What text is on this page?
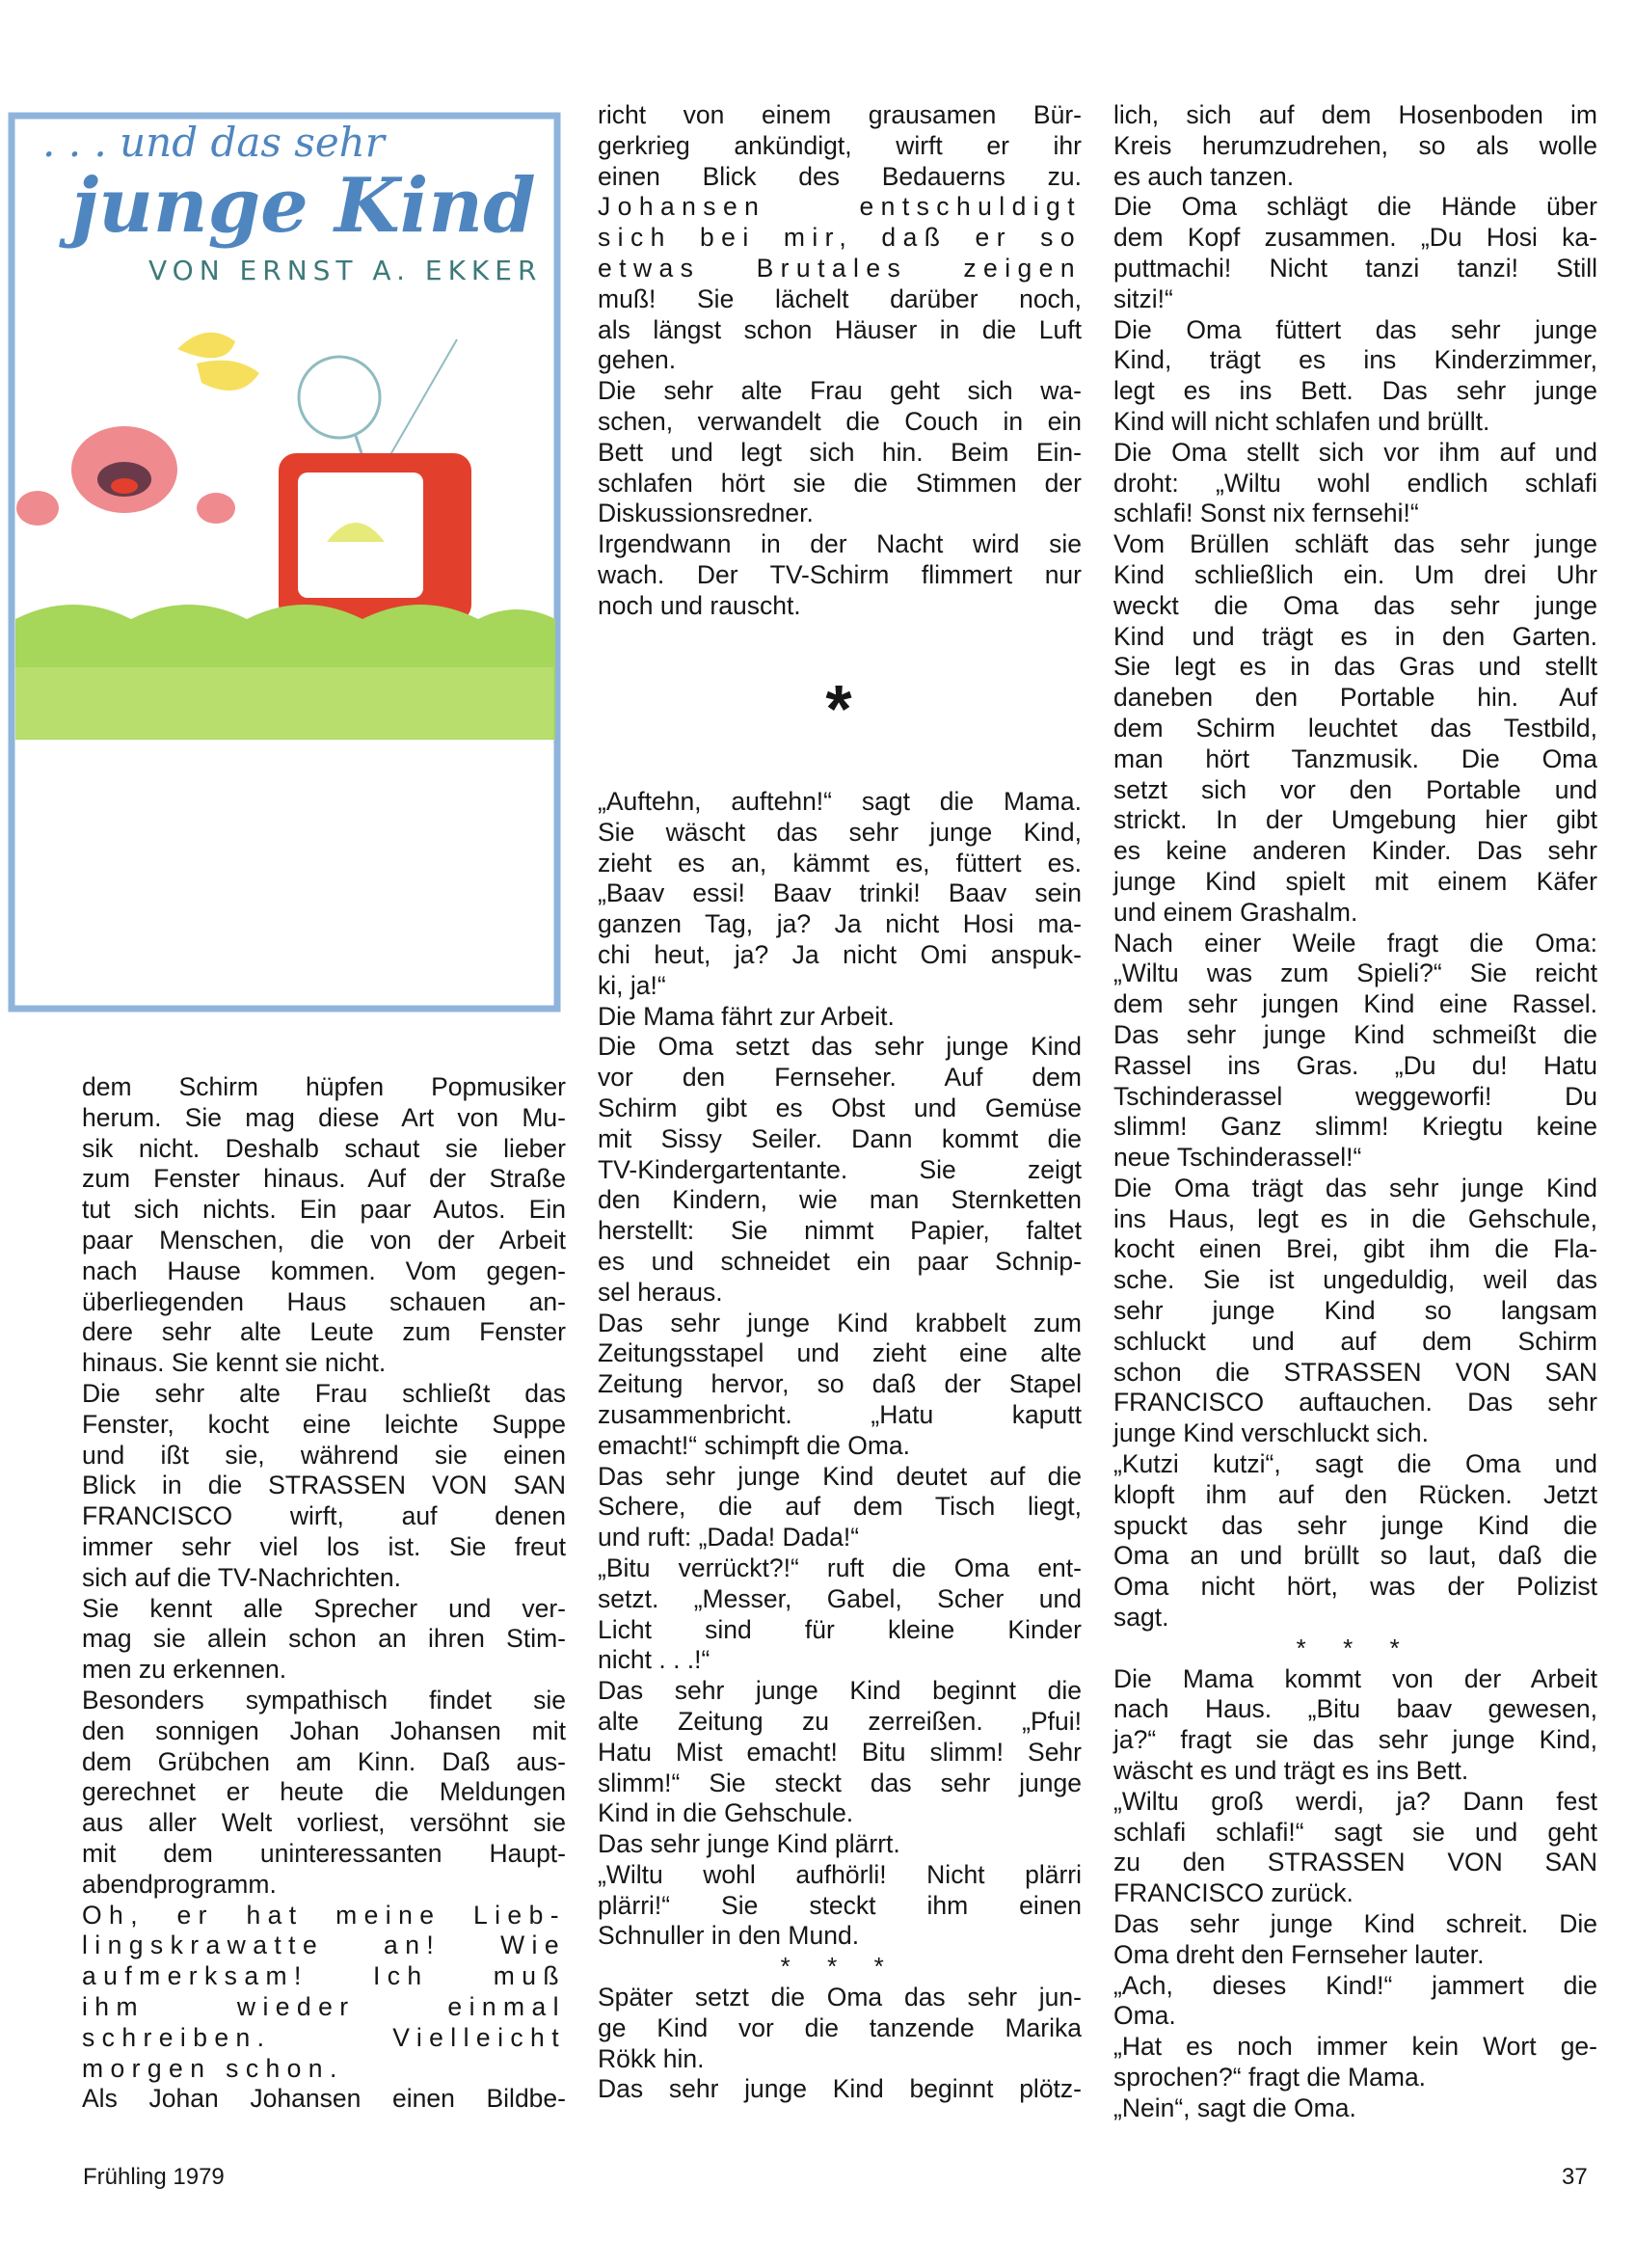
. . . und das sehr
junge Kind
VON ERNST A. EKKER
dem Schirm hüpfen Popmusiker
herum. Sie mag diese Art von Mu-
sik nicht. Deshalb schaut sie lieber
zum Fenster hinaus. Auf der Straße
tut sich nichts. Ein paar Autos. Ein
paar Menschen, die von der Arbeit
nach Hause kommen. Vom gegen-
überliegenden Haus schauen an-
dere sehr alte Leute zum Fenster
hinaus. Sie kennt sie nicht.
Die sehr alte Frau schließt das
Fenster, kocht eine leichte Suppe
und ißt sie, während sie einen
Blick in die STRASSEN VON SAN
FRANCISCO wirft, auf denen
immer sehr viel los ist. Sie freut
sich auf die TV-Nachrichten.
Sie kennt alle Sprecher und ver-
mag sie allein schon an ihren Stim-
men zu erkennen.
Besonders sympathisch findet sie
den sonnigen Johan Johansen mit
dem Grübchen am Kinn. Daß aus-
gerechnet er heute die Meldungen
aus aller Welt vorliest, versöhnt sie
mit dem uninteressanten Haupt-
abendprogramm.
Oh, er hat meine Lieb-
lingskrawatte an! Wie
aufmerksam! Ich muß
ihm wieder einmal
schreiben. Vielleicht
morgen schon.
Als Johan Johansen einen Bildbe-
richt von einem grausamen Bür-
gerkrieg ankündigt, wirft er ihr
einen Blick des Bedauerns zu.
Johansen entschuldigt
sich bei mir, daß er so
etwas Brutales zeigen
muß! Sie lächelt darüber noch,
als längst schon Häuser in die Luft
gehen.
Die sehr alte Frau geht sich wa-
schen, verwandelt die Couch in ein
Bett und legt sich hin. Beim Ein-
schlafen hört sie die Stimmen der
Diskussionsredner.
Irgendwann in der Nacht wird sie
wach. Der TV-Schirm flimmert nur
noch und rauscht.
*
„Auftehn, auftehn!“ sagt die Mama.
Sie wäscht das sehr junge Kind,
zieht es an, kämmt es, füttert es.
„Baav essi! Baav trinki! Baav sein
ganzen Tag, ja? Ja nicht Hosi ma-
chi heut, ja? Ja nicht Omi anspuk-
ki, ja!“
Die Mama fährt zur Arbeit.
Die Oma setzt das sehr junge Kind
vor den Fernseher. Auf dem
Schirm gibt es Obst und Gemüse
mit Sissy Seiler. Dann kommt die
TV-Kindergartentante. Sie zeigt
den Kindern, wie man Sternketten
herstellt: Sie nimmt Papier, faltet
es und schneidet ein paar Schnip-
sel heraus.
Das sehr junge Kind krabbelt zum
Zeitungsstapel und zieht eine alte
Zeitung hervor, so daß der Stapel
zusammenbricht. „Hatu kaputt
emacht!“ schimpft die Oma.
Das sehr junge Kind deutet auf die
Schere, die auf dem Tisch liegt,
und ruft: „Dada! Dada!“
„Bitu verrückt?!“ ruft die Oma ent-
setzt. „Messer, Gabel, Scher und
Licht sind für kleine Kinder
nicht . . .!“
Das sehr junge Kind beginnt die
alte Zeitung zu zerreißen. „Pfui!
Hatu Mist emacht! Bitu slimm! Sehr
slimm!“ Sie steckt das sehr junge
Kind in die Gehschule.
Das sehr junge Kind plärrt.
„Wiltu wohl aufhörli! Nicht plärri
plärri!“ Sie steckt ihm einen
Schnuller in den Mund.
* * *
Später setzt die Oma das sehr jun-
ge Kind vor die tanzende Marika
Rökk hin.
Das sehr junge Kind beginnt plötz-
lich, sich auf dem Hosenboden im
Kreis herumzudrehen, so als wolle
es auch tanzen.
Die Oma schlägt die Hände über
dem Kopf zusammen. „Du Hosi ka-
puttmachi! Nicht tanzi tanzi! Still
sitzi!“
Die Oma füttert das sehr junge
Kind, trägt es ins Kinderzimmer,
legt es ins Bett. Das sehr junge
Kind will nicht schlafen und brüllt.
Die Oma stellt sich vor ihm auf und
droht: „Wiltu wohl endlich schlafi
schlafi! Sonst nix fernsehi!“
Vom Brüllen schläft das sehr junge
Kind schließlich ein. Um drei Uhr
weckt die Oma das sehr junge
Kind und trägt es in den Garten.
Sie legt es in das Gras und stellt
daneben den Portable hin. Auf
dem Schirm leuchtet das Testbild,
man hört Tanzmusik. Die Oma
setzt sich vor den Portable und
strickt. In der Umgebung hier gibt
es keine anderen Kinder. Das sehr
junge Kind spielt mit einem Käfer
und einem Grashalm.
Nach einer Weile fragt die Oma:
„Wiltu was zum Spieli?“ Sie reicht
dem sehr jungen Kind eine Rassel.
Das sehr junge Kind schmeißt die
Rassel ins Gras. „Du du! Hatu
Tschinderassel weggeworfi! Du
slimm! Ganz slimm! Kriegtu keine
neue Tschinderassel!“
Die Oma trägt das sehr junge Kind
ins Haus, legt es in die Gehschule,
kocht einen Brei, gibt ihm die Fla-
sche. Sie ist ungeduldig, weil das
sehr junge Kind so langsam
schluckt und auf dem Schirm
schon die STRASSEN VON SAN
FRANCISCO auftauchen. Das sehr
junge Kind verschluckt sich.
„Kutzi kutzi“, sagt die Oma und
klopft ihm auf den Rücken. Jetzt
spuckt das sehr junge Kind die
Oma an und brüllt so laut, daß die
Oma nicht hört, was der Polizist
sagt.
* * *
Die Mama kommt von der Arbeit
nach Haus. „Bitu baav gewesen,
ja?“ fragt sie das sehr junge Kind,
wäscht es und trägt es ins Bett.
„Wiltu groß werdi, ja? Dann fest
schlafi schlafi!“ sagt sie und geht
zu den STRASSEN VON SAN
FRANCISCO zurück.
Das sehr junge Kind schreit. Die
Oma dreht den Fernseher lauter.
„Ach, dieses Kind!“ jammert die
Oma.
„Hat es noch immer kein Wort ge-
sprochen?“ fragt die Mama.
„Nein“, sagt die Oma.
Frühling 1979	37
